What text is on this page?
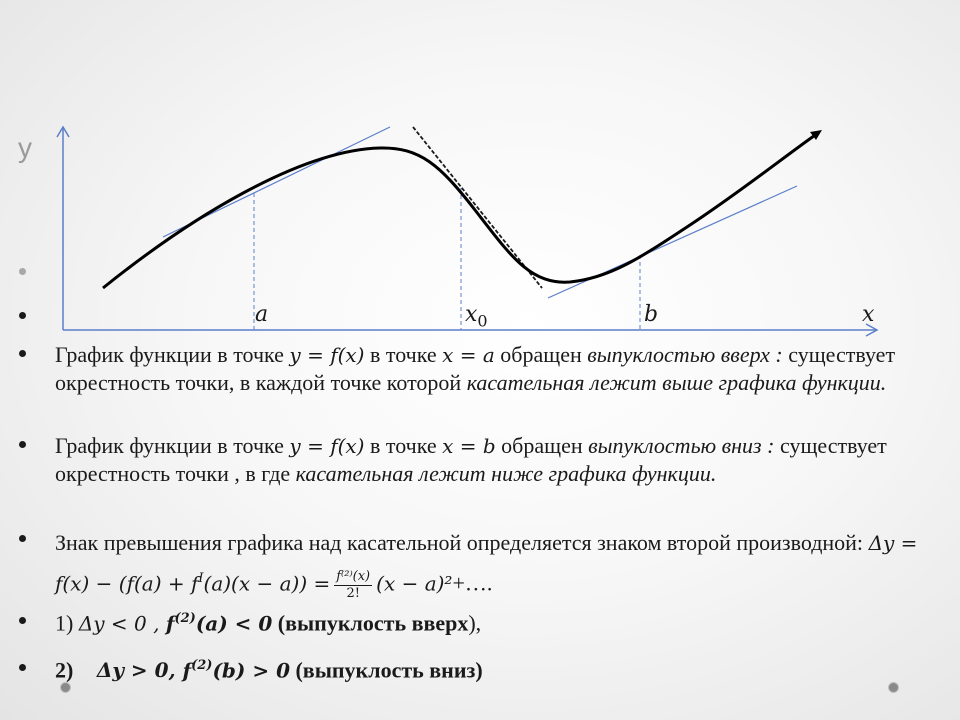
y
a	$x_0$	b	x
График функции в точке y = f(x) в точке x = a обращен выпуклостью вверх : существует окрестность точки, в каждой точке которой касательная лежит выше графика функции.
График функции в точке y = f(x) в точке x = b обращен выпуклостью вниз : существует окрестность точки , в где касательная лежит ниже графика функции.
Знак превышения графика над касательной определяется знаком второй производной: $\Delta y = f(x) - (f(a) + f^I(a)(x - a)) = \frac{\text{f⁽²⁾(x)}}{2!} (x$ − a)²+….
1) Δy < 0 , $f^{(2)}(a) < 0$ (выпуклость вверх),
2) Δy > 0, $f^{(2)}(b) > 0$ (выпуклость вниз)
